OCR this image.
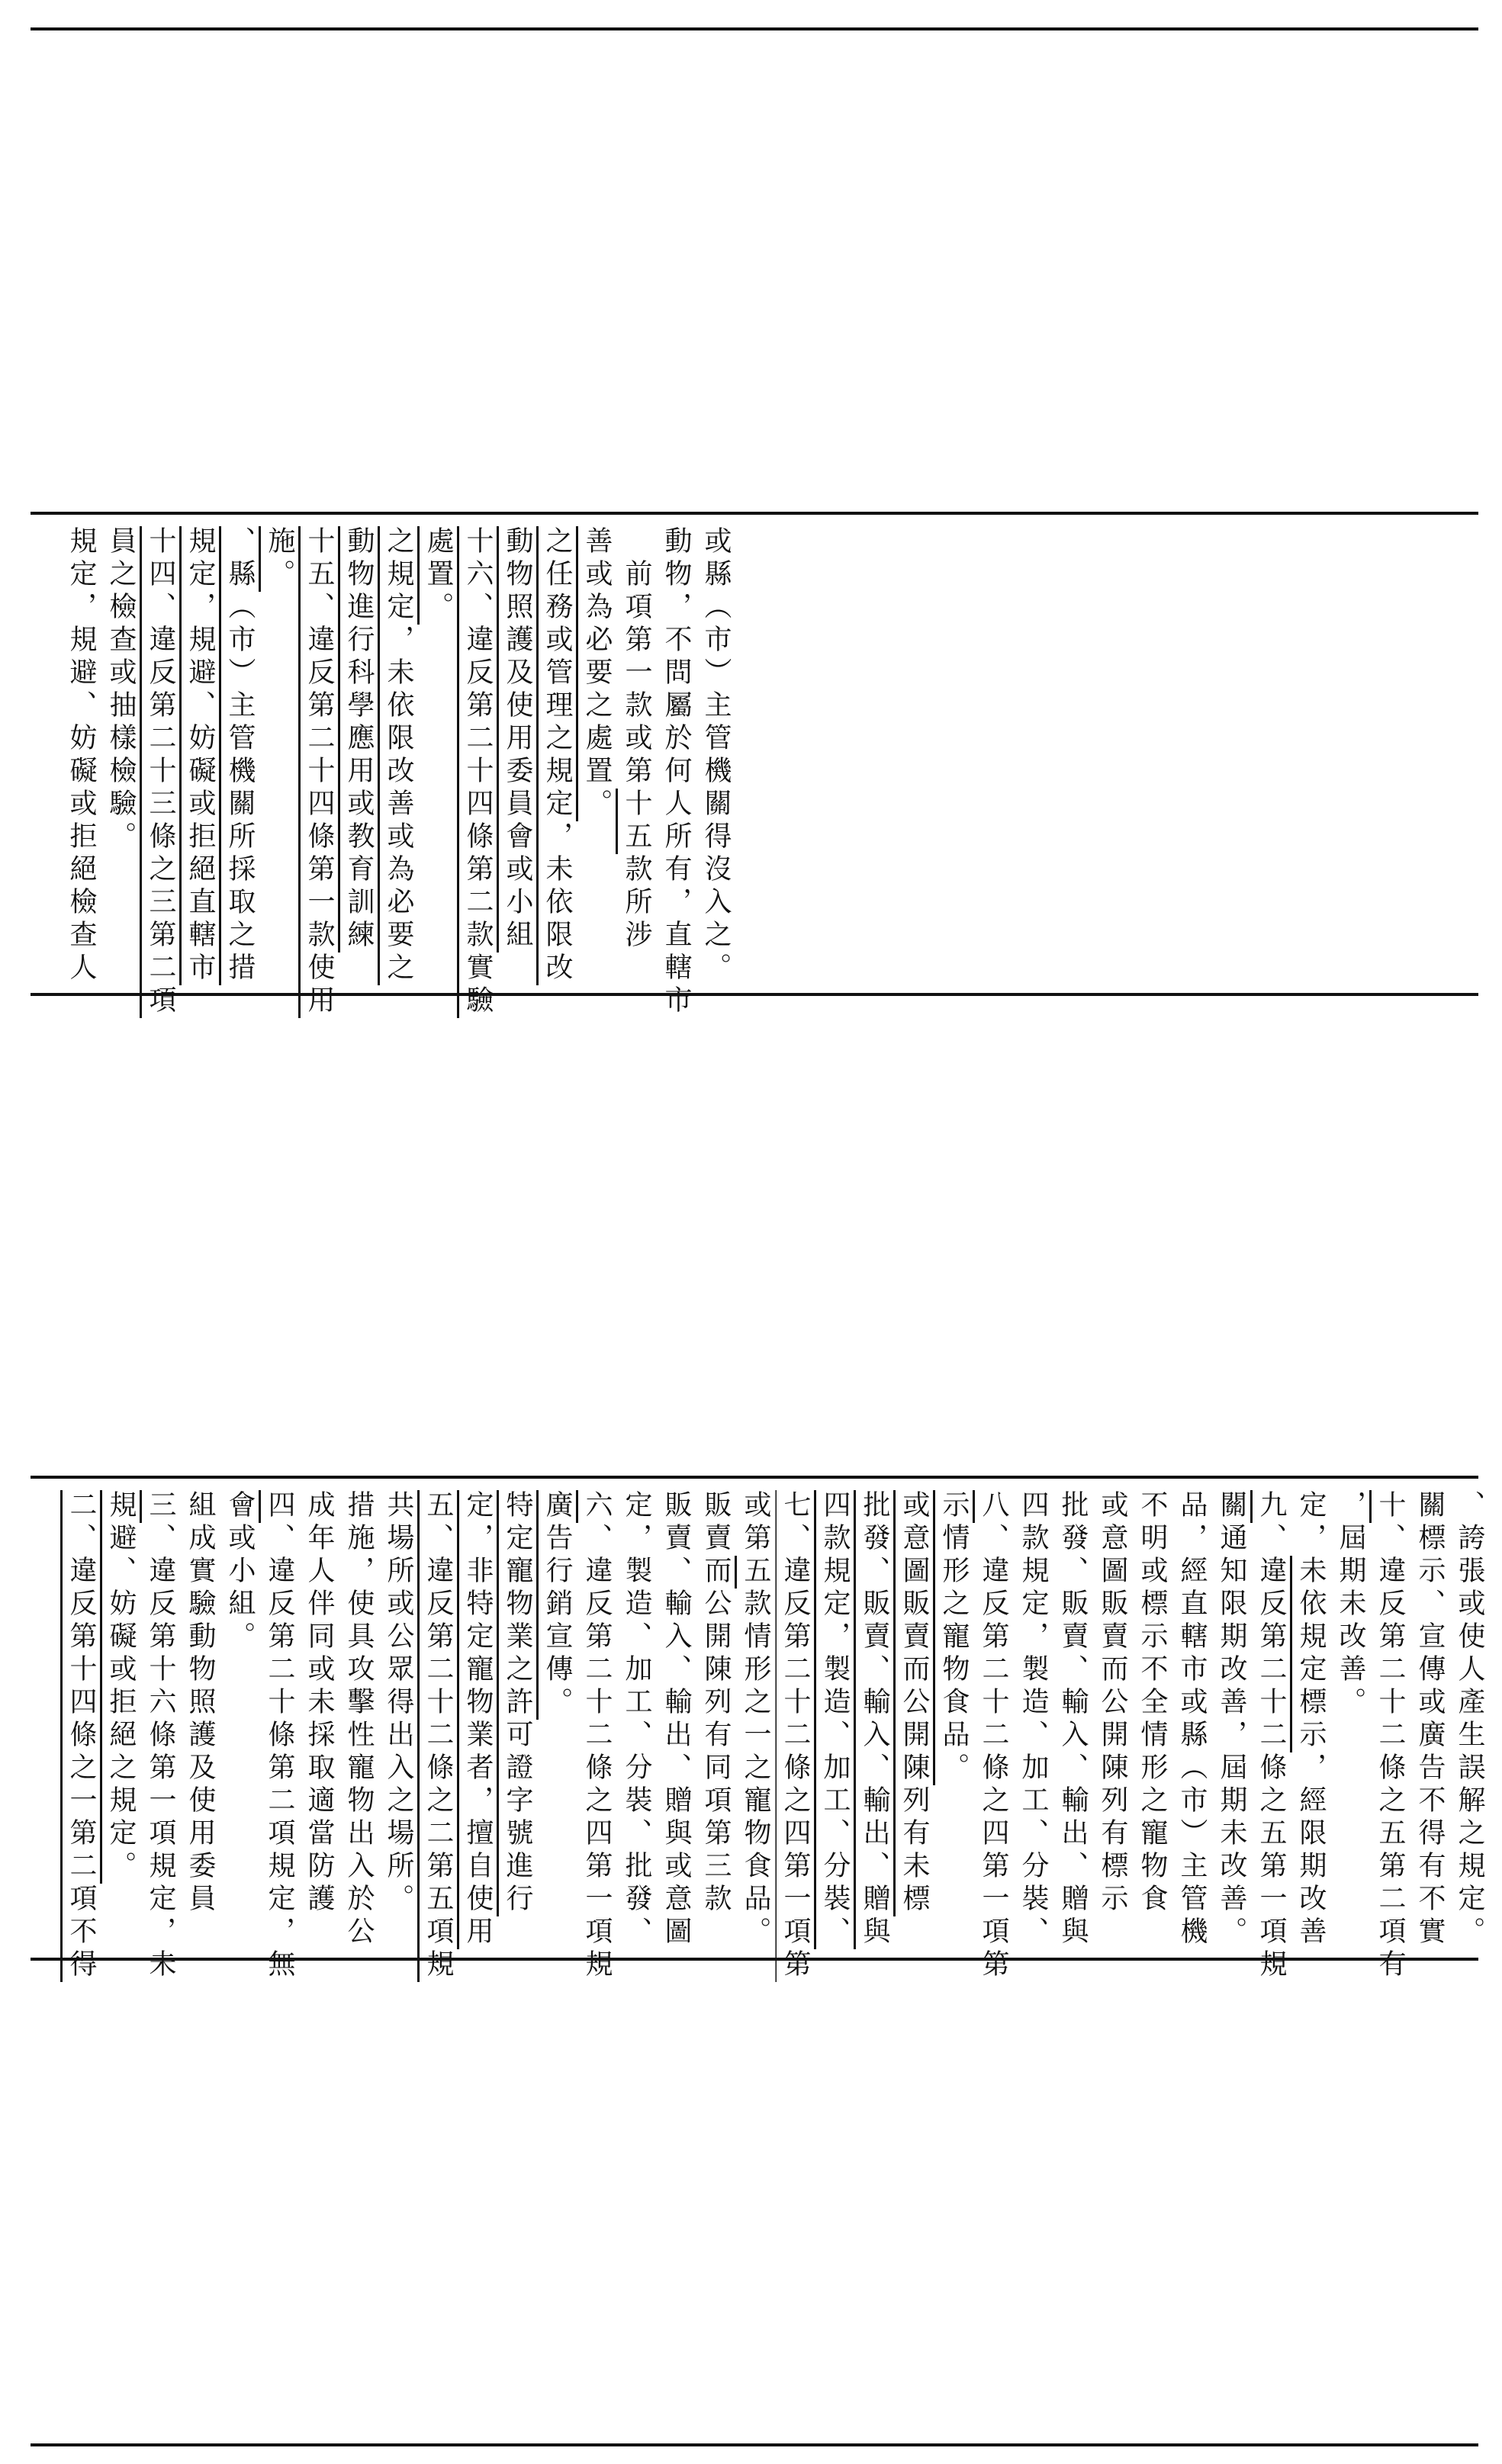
規定，規避、妨礙或拒絕檢查人 員之檢查或抽樣檢驗。 十四、違反第二十三條之三第二項 規定，規避、妨礙或拒絕直轄市 、縣（市）主管機關所採取之措 施。 十五、違反第二十四條第一款使用 動物進行科學應用或教育訓練 之規定，未依限改善或為必要之 處置。 十六、違反第二十四條第二款實驗 動物照護及使用委員會或小組 之任務或管理之規定，未依限改 善或為必要之處置。 　前項第一款或第十五款所涉 動物，不問屬於何人所有，直轄市 或縣（市）主管機關得沒入之。

二、違反第十四條之一第二項不得 規避、妨礙或拒絕之規定。 三、違反第十六條第一項規定，未 組成實驗動物照護及使用委員 會或小組。 四、違反第二十條第二項規定，無 成年人伴同或未採取適當防護 措施，使具攻擊性寵物出入於公 共場所或公眾得出入之場所。 五、違反第二十二條之二第五項規 定，非特定寵物業者，擅自使用 特定寵物業之許可證字號進行 廣告行銷宣傳。 六、違反第二十二條之四第一項規 定，製造、加工、分裝、批發、 販賣、輸入、輸出、贈與或意圖 販賣而公開陳列有同項第三款 或第五款情形之一之寵物食品。 七、違反第二十二條之四第一項第 四款規定，製造、加工、分裝、 批發、販賣、輸入、輸出、贈與 或意圖販賣而公開陳列有未標 示情形之寵物食品。 八、違反第二十二條之四第一項第 四款規定，製造、加工、分裝、 批發、販賣、輸入、輸出、贈與 或意圖販賣而公開陳列有標示 不明或標示不全情形之寵物食 品，經直轄市或縣（市）主管機 關通知限期改善，屆期未改善。 九、違反第二十二條之五第一項規 定，未依規定標示，經限期改善

，屆期未改善。 十、違反第二十二條之五第二項有 關標示、宣傳或廣告不得有不實 、誇張或使人產生誤解之規定。
